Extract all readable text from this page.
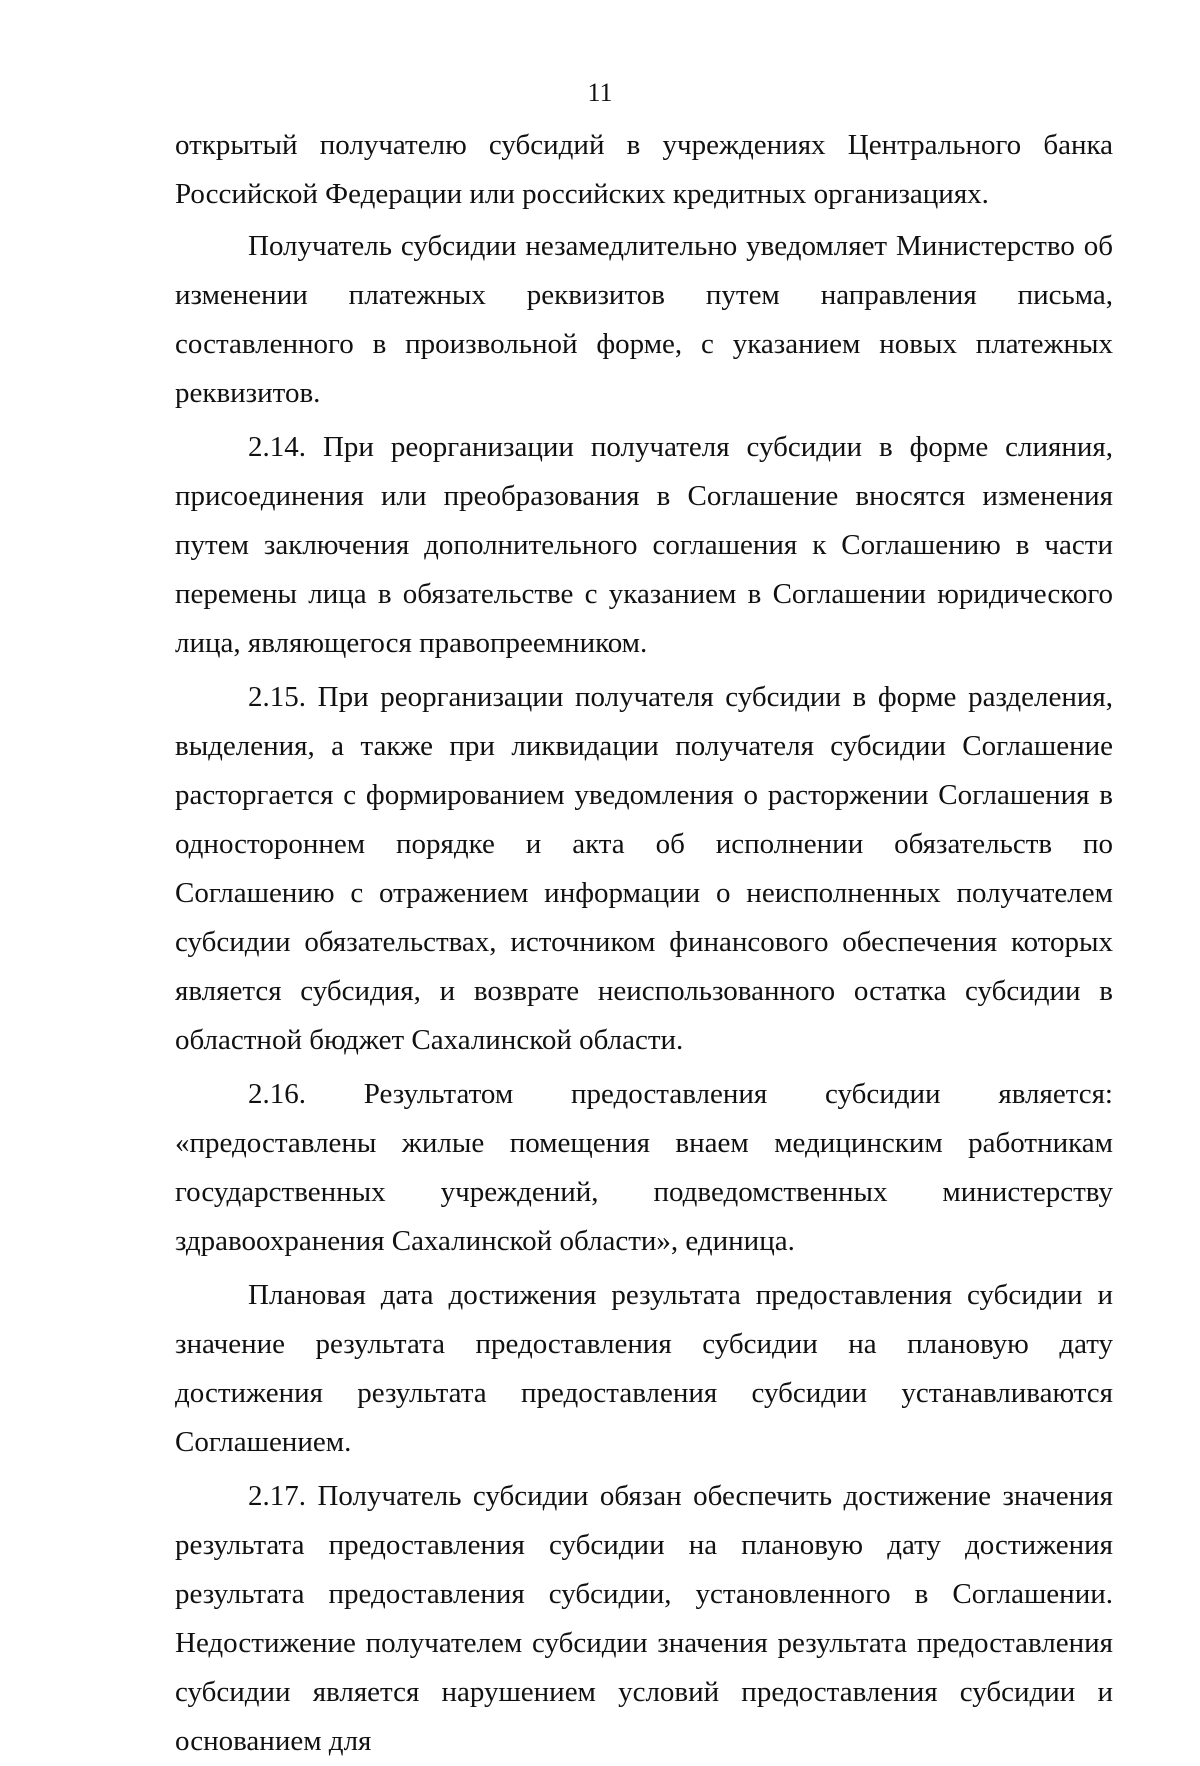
11

открытый получателю субсидий в учреждениях Центрального банка Российской Федерации или российских кредитных организациях.

Получатель субсидии незамедлительно уведомляет Министерство об изменении платежных реквизитов путем направления письма, составленного в произвольной форме, с указанием новых платежных реквизитов.

2.14. При реорганизации получателя субсидии в форме слияния, присоединения или преобразования в Соглашение вносятся изменения путем заключения дополнительного соглашения к Соглашению в части перемены лица в обязательстве с указанием в Соглашении юридического лица, являющегося правопреемником.

2.15. При реорганизации получателя субсидии в форме разделения, выделения, а также при ликвидации получателя субсидии Соглашение расторгается с формированием уведомления о расторжении Соглашения в одностороннем порядке и акта об исполнении обязательств по Соглашению с отражением информации о неисполненных получателем субсидии обязательствах, источником финансового обеспечения которых является субсидия, и возврате неиспользованного остатка субсидии в областной бюджет Сахалинской области.

2.16. Результатом предоставления субсидии является: «предоставлены жилые помещения внаем медицинским работникам государственных учреждений, подведомственных министерству здравоохранения Сахалинской области», единица.

Плановая дата достижения результата предоставления субсидии и значение результата предоставления субсидии на плановую дату достижения результата предоставления субсидии устанавливаются Соглашением.

2.17. Получатель субсидии обязан обеспечить достижение значения результата предоставления субсидии на плановую дату достижения результата предоставления субсидии, установленного в Соглашении. Недостижение получателем субсидии значения результата предоставления субсидии является нарушением условий предоставления субсидии и основанием для
